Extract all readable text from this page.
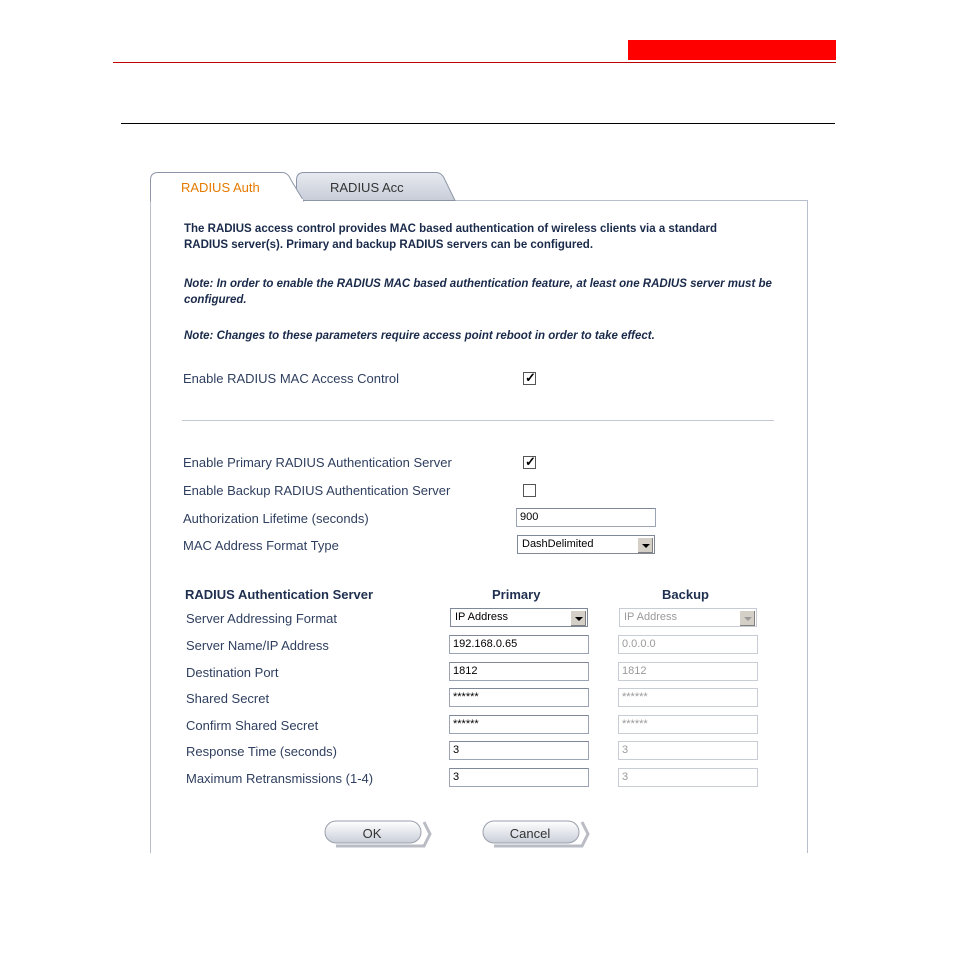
RADIUS Acc
RADIUS Auth
The RADIUS access control provides MAC based authentication of wireless clients via a standard RADIUS server(s). Primary and backup RADIUS servers can be configured.
Note: In order to enable the RADIUS MAC based authentication feature, at least one RADIUS server must be configured.
Note: Changes to these parameters require access point reboot in order to take effect.
Enable RADIUS MAC Access Control	✓
Enable Primary RADIUS Authentication Server	✓
Enable Backup RADIUS Authentication Server
Authorization Lifetime (seconds)	900
MAC Address Format Type	DashDelimited
RADIUS Authentication Server	Primary	Backup
Server Addressing Format	IP Address	IP Address
Server Name/IP Address	192.168.0.65	0.0.0.0
Destination Port	1812	1812
Shared Secret	******	******
Confirm Shared Secret	******	******
Response Time (seconds)	3	3
Maximum Retransmissions (1-4)	3	3
OK	Cancel
